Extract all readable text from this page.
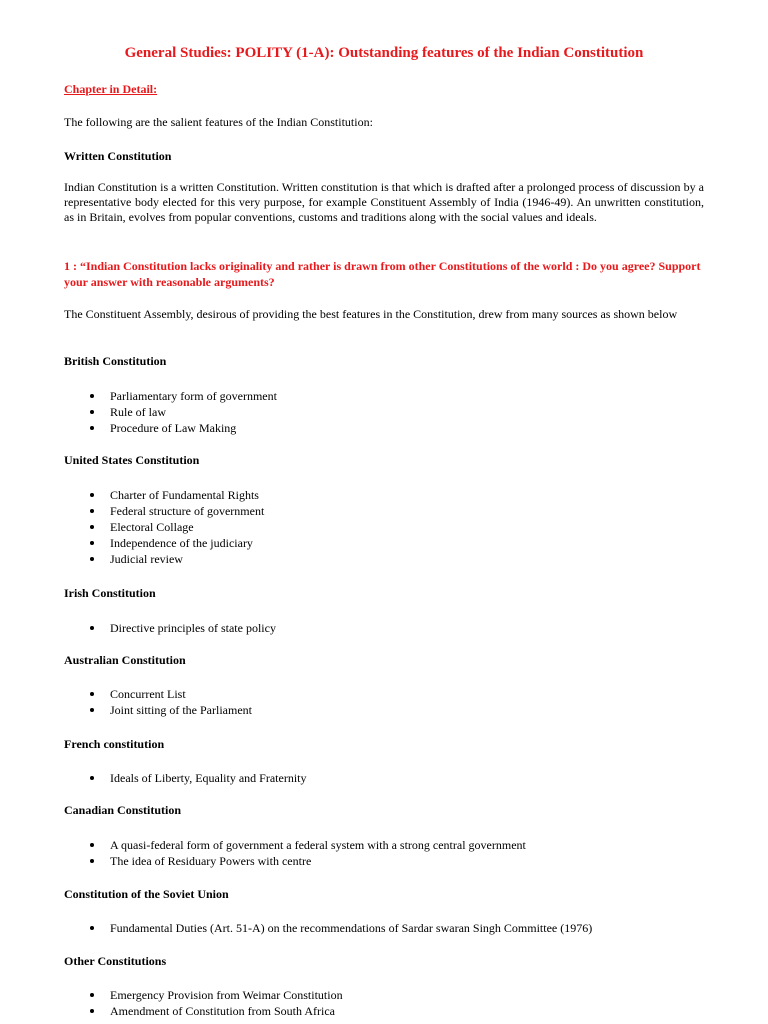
General Studies: POLITY (1-A): Outstanding features of the Indian Constitution
Chapter in Detail:
The following are the salient features of the Indian Constitution:
Written Constitution
Indian Constitution is a written Constitution. Written constitution is that which is drafted after a prolonged process of discussion by a representative body elected for this very purpose, for example Constituent Assembly of India (1946-49). An unwritten constitution, as in Britain, evolves from popular conventions, customs and traditions along with the social values and ideals.
1 : “Indian Constitution lacks originality and rather is drawn from other Constitutions of the world : Do you agree? Support your answer with reasonable arguments?
The Constituent Assembly, desirous of providing the best features in the Constitution, drew from many sources as shown below
British Constitution
Parliamentary form of government
Rule of law
Procedure of Law Making
United States Constitution
Charter of Fundamental Rights
Federal structure of government
Electoral Collage
Independence of the judiciary
Judicial review
Irish Constitution
Directive principles of state policy
Australian Constitution
Concurrent List
Joint sitting of the Parliament
French constitution
Ideals of Liberty, Equality and Fraternity
Canadian Constitution
A quasi-federal form of government a federal system with a strong central government
The idea of Residuary Powers with centre
Constitution of the Soviet Union
Fundamental Duties (Art. 51-A) on the recommendations of Sardar swaran Singh Committee (1976)
Other Constitutions
Emergency Provision from Weimar Constitution
Amendment of Constitution from South Africa
